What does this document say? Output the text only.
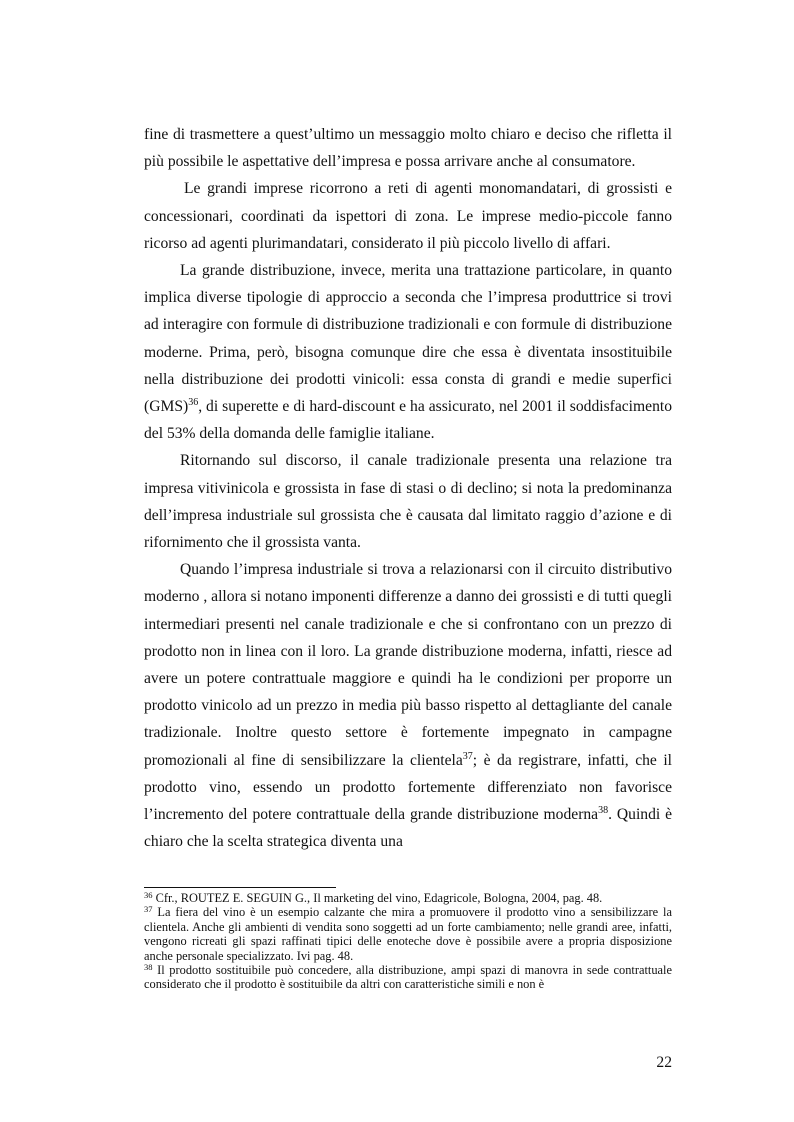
fine di trasmettere a quest’ultimo un messaggio molto chiaro e deciso che rifletta il più possibile le aspettative dell’impresa e possa arrivare anche al consumatore.

Le grandi imprese ricorrono a reti di agenti monomandatari, di grossisti e concessionari, coordinati da ispettori di zona. Le imprese medio-piccole fanno ricorso ad agenti plurimandatari, considerato il più piccolo livello di affari.

La grande distribuzione, invece, merita una trattazione particolare, in quanto implica diverse tipologie di approccio a seconda che l’impresa produttrice si trovi ad interagire con formule di distribuzione tradizionali e con formule di distribuzione moderne. Prima, però, bisogna comunque dire che essa è diventata insostituibile nella distribuzione dei prodotti vinicoli: essa consta di grandi e medie superfici (GMS)$^{36}$, di superette e di hard-discount e ha assicurato, nel 2001 il soddisfacimento del 53% della domanda delle famiglie italiane.

Ritornando sul discorso, il canale tradizionale presenta una relazione tra impresa vitivinicola e grossista in fase di stasi o di declino; si nota la predominanza dell’impresa industriale sul grossista che è causata dal limitato raggio d’azione e di rifornimento che il grossista vanta.

Quando l’impresa industriale si trova a relazionarsi con il circuito distributivo moderno , allora si notano imponenti differenze a danno dei grossisti e di tutti quegli intermediari presenti nel canale tradizionale e che si confrontano con un prezzo di prodotto non in linea con il loro. La grande distribuzione moderna, infatti, riesce ad avere un potere contrattuale maggiore e quindi ha le condizioni per proporre un prodotto vinicolo ad un prezzo in media più basso rispetto al dettagliante del canale tradizionale. Inoltre questo settore è fortemente impegnato in campagne promozionali al fine di sensibilizzare la clientela$^{37}$; è da registrare, infatti, che il prodotto vino, essendo un prodotto fortemente differenziato non favorisce l’incremento del potere contrattuale della grande distribuzione moderna$^{38}$. Quindi è chiaro che la scelta strategica diventa una

$^{36}$ Cfr., ROUTEZ E. SEGUIN G., Il marketing del vino, Edagricole, Bologna, 2004, pag. 48.

$^{37}$ La fiera del vino è un esempio calzante che mira a promuovere il prodotto vino a sensibilizzare la clientela. Anche gli ambienti di vendita sono soggetti ad un forte cambiamento; nelle grandi aree, infatti, vengono ricreati gli spazi raffinati tipici delle enoteche dove è possibile avere a propria disposizione anche personale specializzato. Ivi pag. 48.

$^{38}$ Il prodotto sostituibile può concedere, alla distribuzione, ampi spazi di manovra in sede contrattuale considerato che il prodotto è sostituibile da altri con caratteristiche simili e non è

22
